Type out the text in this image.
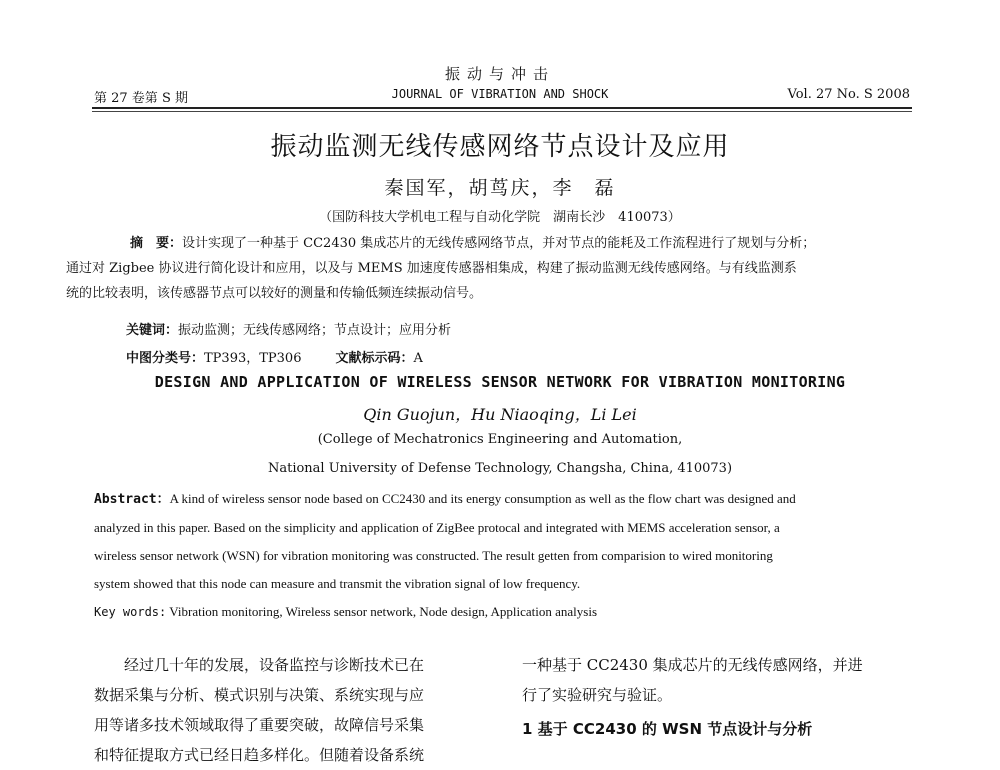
振动与冲击
第 27 卷第 S 期	JOURNAL OF VIBRATION AND SHOCK	Vol. 27 No. S 2008
振动监测无线传感网络节点设计及应用
秦国军，胡茑庆，李　磊
（国防科技大学机电工程与自动化学院　湖南长沙　410073）
摘　要：设计实现了一种基于 CC2430 集成芯片的无线传感网络节点，并对节点的能耗及工作流程进行了规划与分析；
通过对 Zigbee 协议进行简化设计和应用，以及与 MEMS 加速度传感器相集成，构建了振动监测无线传感网络。与有线监测系
统的比较表明，该传感器节点可以较好的测量和传输低频连续振动信号。
关键词：振动监测；无线传感网络；节点设计；应用分析
中图分类号：TP393，TP306	文献标示码：A
DESIGN AND APPLICATION OF WIRELESS SENSOR NETWORK FOR VIBRATION MONITORING
Qin Guojun，Hu Niaoqing，Li Lei
(College of Mechatronics Engineering and Automation,
National University of Defense Technology, Changsha, China, 410073)
Abstract：A kind of wireless sensor node based on CC2430 and its energy consumption as well as the flow chart was designed and
analyzed in this paper. Based on the simplicity and application of ZigBee protocal and integrated with MEMS acceleration sensor, a
wireless sensor network (WSN) for vibration monitoring was constructed. The result getten from comparision to wired monitoring
system showed that this node can measure and transmit the vibration signal of low frequency.
Key words: Vibration monitoring, Wireless sensor network, Node design, Application analysis
　　经过几十年的发展，设备监控与诊断技术已在
数据采集与分析、模式识别与决策、系统实现与应
用等诸多技术领域取得了重要突破，故障信号采集
和特征提取方式已经日趋多样化。但随着设备系统
一种基于 CC2430 集成芯片的无线传感网络，并进
行了实验研究与验证。
1 基于 CC2430 的 WSN 节点设计与分析
